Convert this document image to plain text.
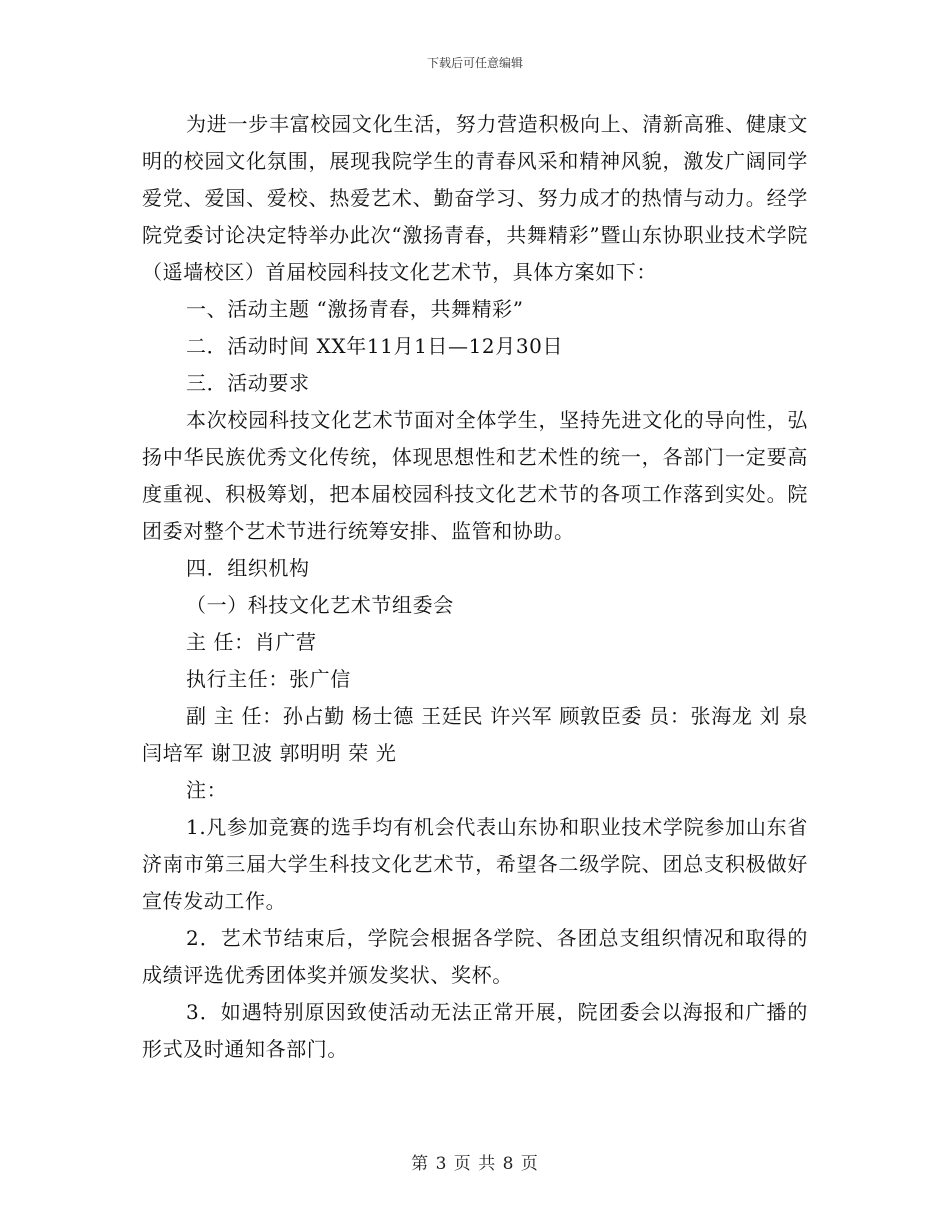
下载后可任意编辑

为进一步丰富校园文化生活，努力营造积极向上、清新高雅、健康文明的校园文化氛围，展现我院学生的青春风采和精神风貌，激发广阔同学爱党、爱国、爱校、热爱艺术、勤奋学习、努力成才的热情与动力。经学院党委讨论决定特举办此次“激扬青春，共舞精彩”暨山东协职业技术学院（遥墙校区）首届校园科技文化艺术节，具体方案如下：

一、活动主题 “激扬青春，共舞精彩”

二．活动时间 XX年11月1日—12月30日

三．活动要求

本次校园科技文化艺术节面对全体学生，坚持先进文化的导向性，弘扬中华民族优秀文化传统，体现思想性和艺术性的统一，各部门一定要高度重视、积极筹划，把本届校园科技文化艺术节的各项工作落到实处。院团委对整个艺术节进行统筹安排、监管和协助。

四．组织机构

（一）科技文化艺术节组委会

主 任：肖广营

执行主任：张广信

副 主 任：孙占勤 杨士德 王廷民 许兴军 顾敦臣委 员：张海龙 刘 泉 闫培军 谢卫波 郭明明 荣 光

注：

1.凡参加竞赛的选手均有机会代表山东协和职业技术学院参加山东省济南市第三届大学生科技文化艺术节，希望各二级学院、团总支积极做好宣传发动工作。

2．艺术节结束后，学院会根据各学院、各团总支组织情况和取得的成绩评选优秀团体奖并颁发奖状、奖杯。

3．如遇特别原因致使活动无法正常开展，院团委会以海报和广播的形式及时通知各部门。

第 3 页 共 8 页
